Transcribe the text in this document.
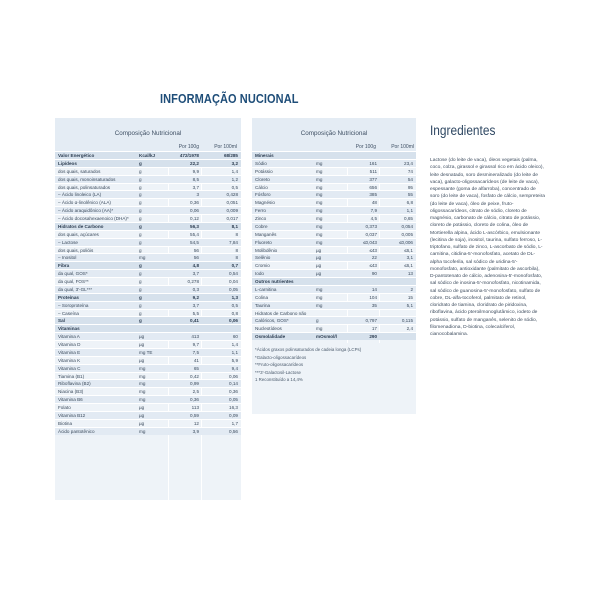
INFORMAÇÃO NUCIONAL
Composição Nutricional
Por 100g	Por 100ml
Valor Energético	Kcal/kJ	472/1978	68/285
Lipídeos	g	22,2	3,2
dos quais, saturados	g	9,9	1,4
dos quais, monoinsaturados	g	8,5	1,2
dos quais, polinsaturados	g	3,7	0,5
– Ácido linoleico (LA)	g	3	0,428
– Ácido α-linolênico (ALA)	g	0,36	0,051
– Ácido araquidônico (AA)*	g	0,06	0,009
– Ácido docosahexaenoico (DHA)*	g	0,12	0,017
Hidratos de Carbono	g	56,3	8,1
dos quais, açúcares	g	55,4	8
– Lactose	g	54,5	7,84
dos quais, polióis	g	56	8
– Inositol	mg	56	8
Fibra	g	4,8	0,7
da qual, GOS*	g	3,7	0,54
da qual, FOS**	g	0,278	0,04
da qual, 3'-GL***	g	0,3	0,05
Proteínas	g	9,2	1,3
– Soroproteína	g	3,7	0,5
– Caseína	g	5,5	0,8
Sal	g	0,41	0,06
Vitaminas
Vitamina A	µg	413	60
Vitamina D	µg	9,7	1,4
Vitamina E	mg TE	7,5	1,1
Vitamina K	µg	41	5,9
Vitamina C	mg	65	9,4
Tiamina (B1)	mg	0,42	0,06
Riboflavina (B2)	mg	0,99	0,14
Niacina (B3)	mg	2,5	0,36
Vitamina B6	mg	0,36	0,05
Folato	µg	113	16,3
Vitamina B12	µg	0,59	0,09
Biotina	µg	12	1,7
Ácido pantotênico	mg	3,9	0,56
Composição Nutricional
Por 100g	Por 100ml
Minerais
Sódio	mg	161	23,4
Potássio	mg	511	74
Cloreto	mg	377	54
Cálcio	mg	656	95
Fósforo	mg	385	55
Magnésio	mg	48	6,8
Ferro	mg	7,9	1,1
Zinco	mg	4,5	0,65
Cobre	mg	0,373	0,054
Manganês	mg	0,037	0,005
Fluoreto	mg	≤0,043	≤0,006
Molibdênio	µg	≤43	≤6,1
Selênio	µg	22	3,1
Cromio	µg	≤43	≤6,1
Iodo	µg	90	13
Outros nutrientes
L-carnitina	mg	14	2
Colina	mg	104	15
Taurina	mg	35	5,1
Hidratos de Carbono não
Calóricos, GOS*	g	0,797	0,115
Nucleotídeos	mg	17	2,4
Osmolalidade	mOsmol/l	290
*Ácidos graxos polinsaturados de cadeia longa (LCPs)
*Galacto-oligossacarídeos
**Fruto-oligossacarídeos
***3'-Galactosil-Lactose
1 Reconstituído a 14,4%
Ingredientes
Lactose (do leite de vaca), óleos vegetais (palma, coco, colza, girassol e girassol rico em ácido oleico), leite desnatado, soro desmineralizado (do leite de vaca), galacto-oligossacarídeos (de leite de vaca), espessante (goma de alfarroba), concentrado de soro (do leite de vaca), fosfato de cálcio, sempreteira (do leite de vaca), óleo de peixe, fruto-oligossacarídeos, citrato de sódio, cloreto de magnésio, carbonato de cálcio, citrato de potássio, cloreto de potássio, cloreto de colina, óleo de Mortierella alpina, ácido L-ascórbico, emulsionante (lecitina de soja), inositol, taurina, sulfato ferroso, L-triptofano, sulfato de zinco, L-ascorbato de sódio, L-carnitina, citidina-5'-monofosfato, acetato de DL-alpha tocoferila, sal sódico de uridina-5'-monofosfato, antioxidante (palmitato de ascorbila), D-pantotenato de cálcio, adenosina-5'-monofosfato, sal sódico de inosina-5'-monofosfato, nicotinamida, sal sódico de guanosina-5'-monofosfato, sulfato de cobre, DL-alfa-tocoferol, palmitato de retinol, cloridrato de tiamina, cloridrato de piridoxina, riboflavina, ácido pteroilmonoglutâmico, iodeto de potássio, sulfato de manganês, selenito de sódio, filomenadiona, D-biotina, colecalciferol, cianocobalamina.
